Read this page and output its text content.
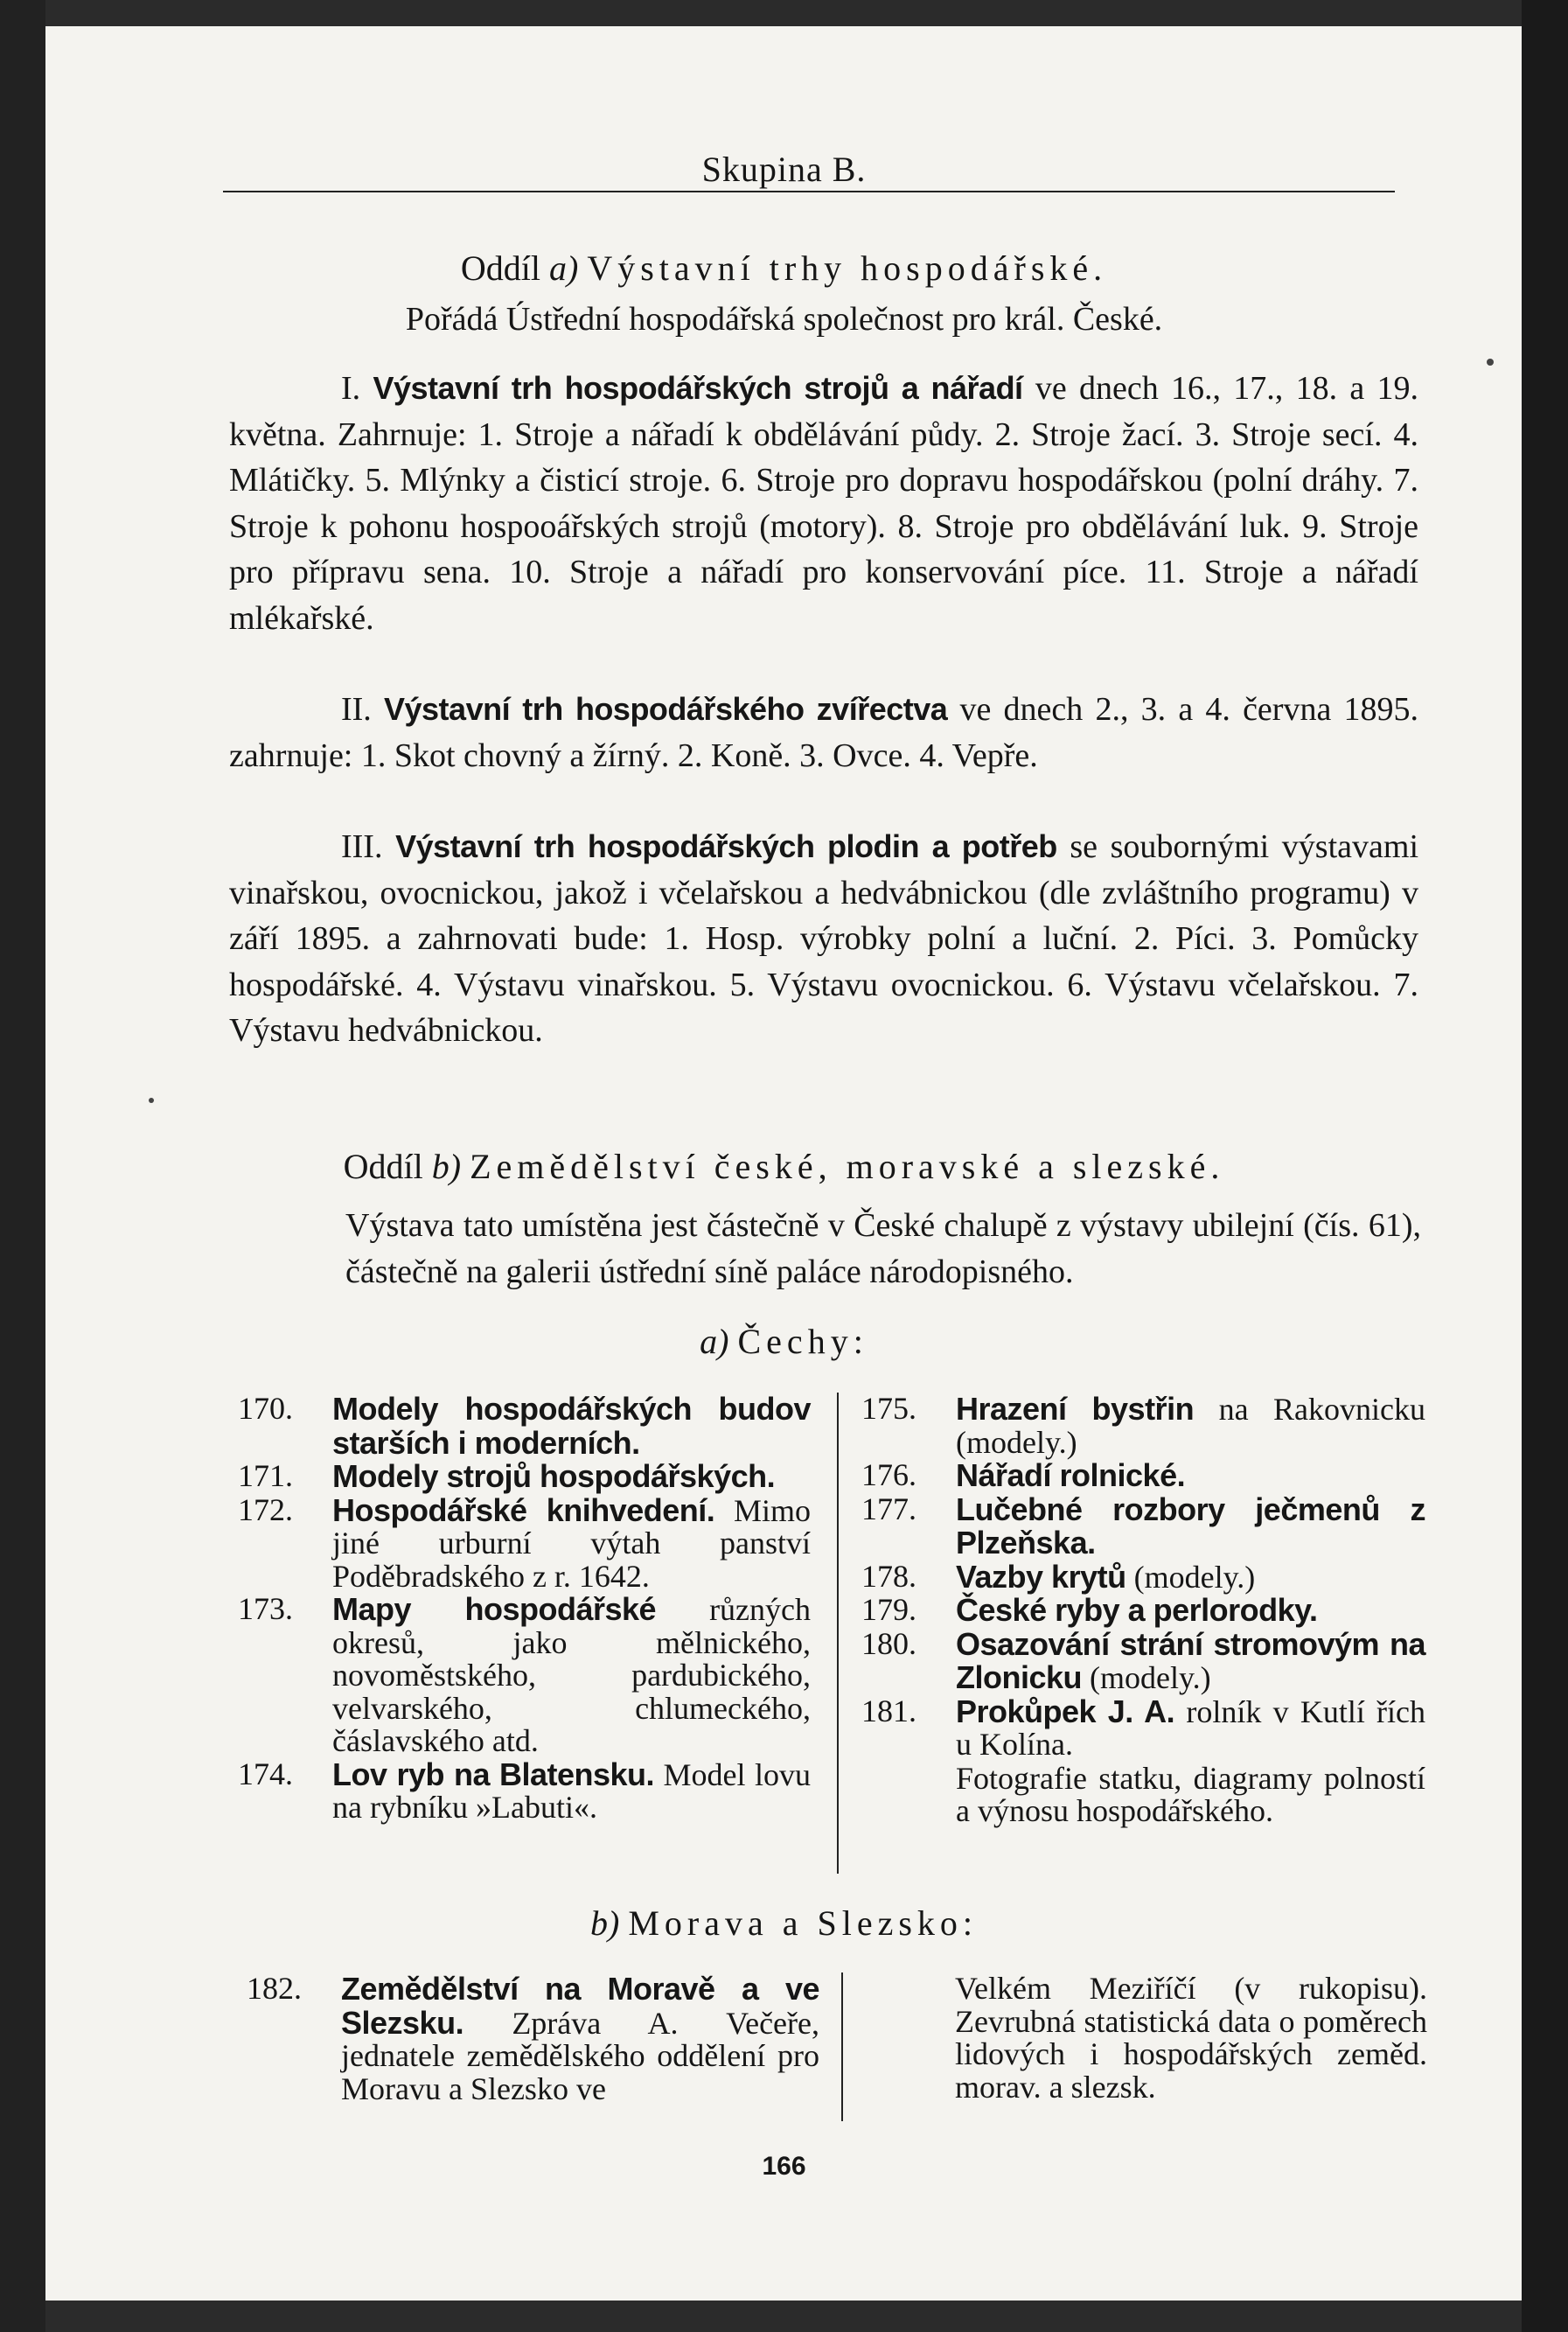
Skupina B.
Oddíl a) Výstavní trhy hospodářské.
Pořádá Ústřední hospodářská společnost pro král. České.
I. Výstavní trh hospodářských strojů a nářadí ve dnech 16., 17., 18. a 19. května. Zahrnuje: 1. Stroje a nářadí k obdělávání půdy. 2. Stroje žací. 3. Stroje secí. 4. Mlátičky. 5. Mlýnky a čisticí stroje. 6. Stroje pro dopravu hospodářskou (polní dráhy. 7. Stroje k pohonu hospooářských strojů (motory). 8. Stroje pro obdělávání luk. 9. Stroje pro přípravu sena. 10. Stroje a nářadí pro konservování píce. 11. Stroje a nářadí mlékařské.
II. Výstavní trh hospodářského zvířectva ve dnech 2., 3. a 4. června 1895. zahrnuje: 1. Skot chovný a žírný. 2. Koně. 3. Ovce. 4. Vepře.
III. Výstavní trh hospodářských plodin a potřeb se soubornými výstavami vinařskou, ovocnickou, jakož i včelařskou a hedvábnickou (dle zvláštního programu) v září 1895. a zahrnovati bude: 1. Hosp. výrobky polní a luční. 2. Píci. 3. Pomůcky hospodářské. 4. Výstavu vinařskou. 5. Výstavu ovocnickou. 6. Výstavu včelařskou. 7. Výstavu hedvábnickou.
Oddíl b) Zemědělství české, moravské a slezské.
Výstava tato umístěna jest částečně v České chalupě z výstavy ubilejní (čís. 61), částečně na galerii ústřední síně paláce národopisného.
a) Čechy:
170.	Modely hospodářských budov starších i moderních.
171.	Modely strojů hospodářských.
172.	Hospodářské knihvedení. Mimo jiné urburní výtah panství Poděbradského z r. 1642.
173.	Mapy hospodářské různých okresů, jako mělnického, novoměstského, pardubického, velvarského, chlumeckého, čáslavského atd.
174.	Lov ryb na Blatensku. Model lovu na rybníku »Labuti«.
175.	Hrazení bystřin na Rakovnicku (modely.)
176.	Nářadí rolnické.
177.	Lučebné rozbory ječmenů z Plzeňska.
178.	Vazby krytů (modely.)
179.	České ryby a perlorodky.
180.	Osazování strání stromovým na Zlonicku (modely.)
181.	Prokůpek J. A. rolník v Kutlí řích u Kolína.
Fotografie statku, diagramy polností a výnosu hospodářského.
b) Morava a Slezsko:
182.	Zemědělství na Moravě a ve Slezsku. Zpráva A. Večeře, jednatele zemědělského oddělení pro Moravu a Slezsko ve
Velkém Meziříčí (v rukopisu). Zevrubná statistická data o poměrech lidových i hospodářských zeměd. morav. a slezsk.
166
